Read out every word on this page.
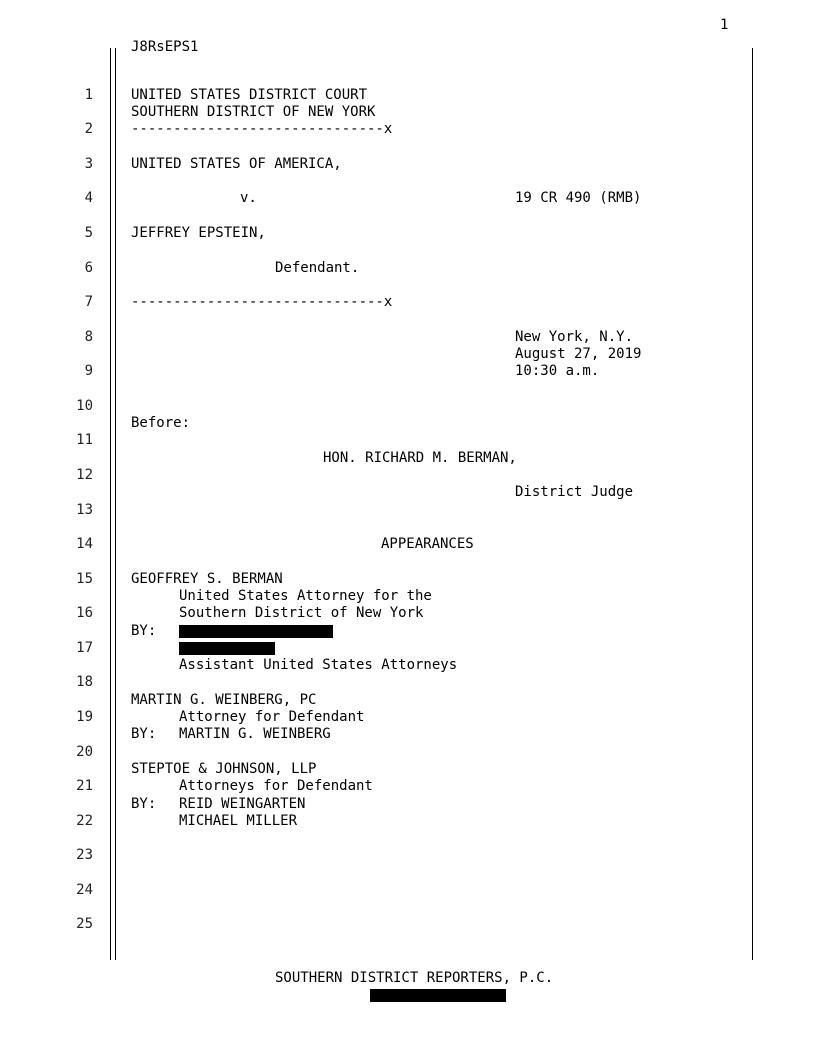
1
J8RsEPS1
1
2
3
4
5
6
7
8
9
10
11
12
13
14
15
16
17
18
19
20
21
22
23
24
25
UNITED STATES DISTRICT COURT
SOUTHERN DISTRICT OF NEW YORK
------------------------------x
UNITED STATES OF AMERICA,
v.	19 CR 490 (RMB)
JEFFREY EPSTEIN,
Defendant.
------------------------------x
New York, N.Y.
August 27, 2019
10:30 a.m.
Before:
HON. RICHARD M. BERMAN,
District Judge
APPEARANCES
GEOFFREY S. BERMAN
United States Attorney for the
Southern District of New York
BY:
Assistant United States Attorneys
MARTIN G. WEINBERG, PC
Attorney for Defendant
BY: MARTIN G. WEINBERG
STEPTOE & JOHNSON, LLP
Attorneys for Defendant
BY: REID WEINGARTEN
MICHAEL MILLER
SOUTHERN DISTRICT REPORTERS, P.C.
